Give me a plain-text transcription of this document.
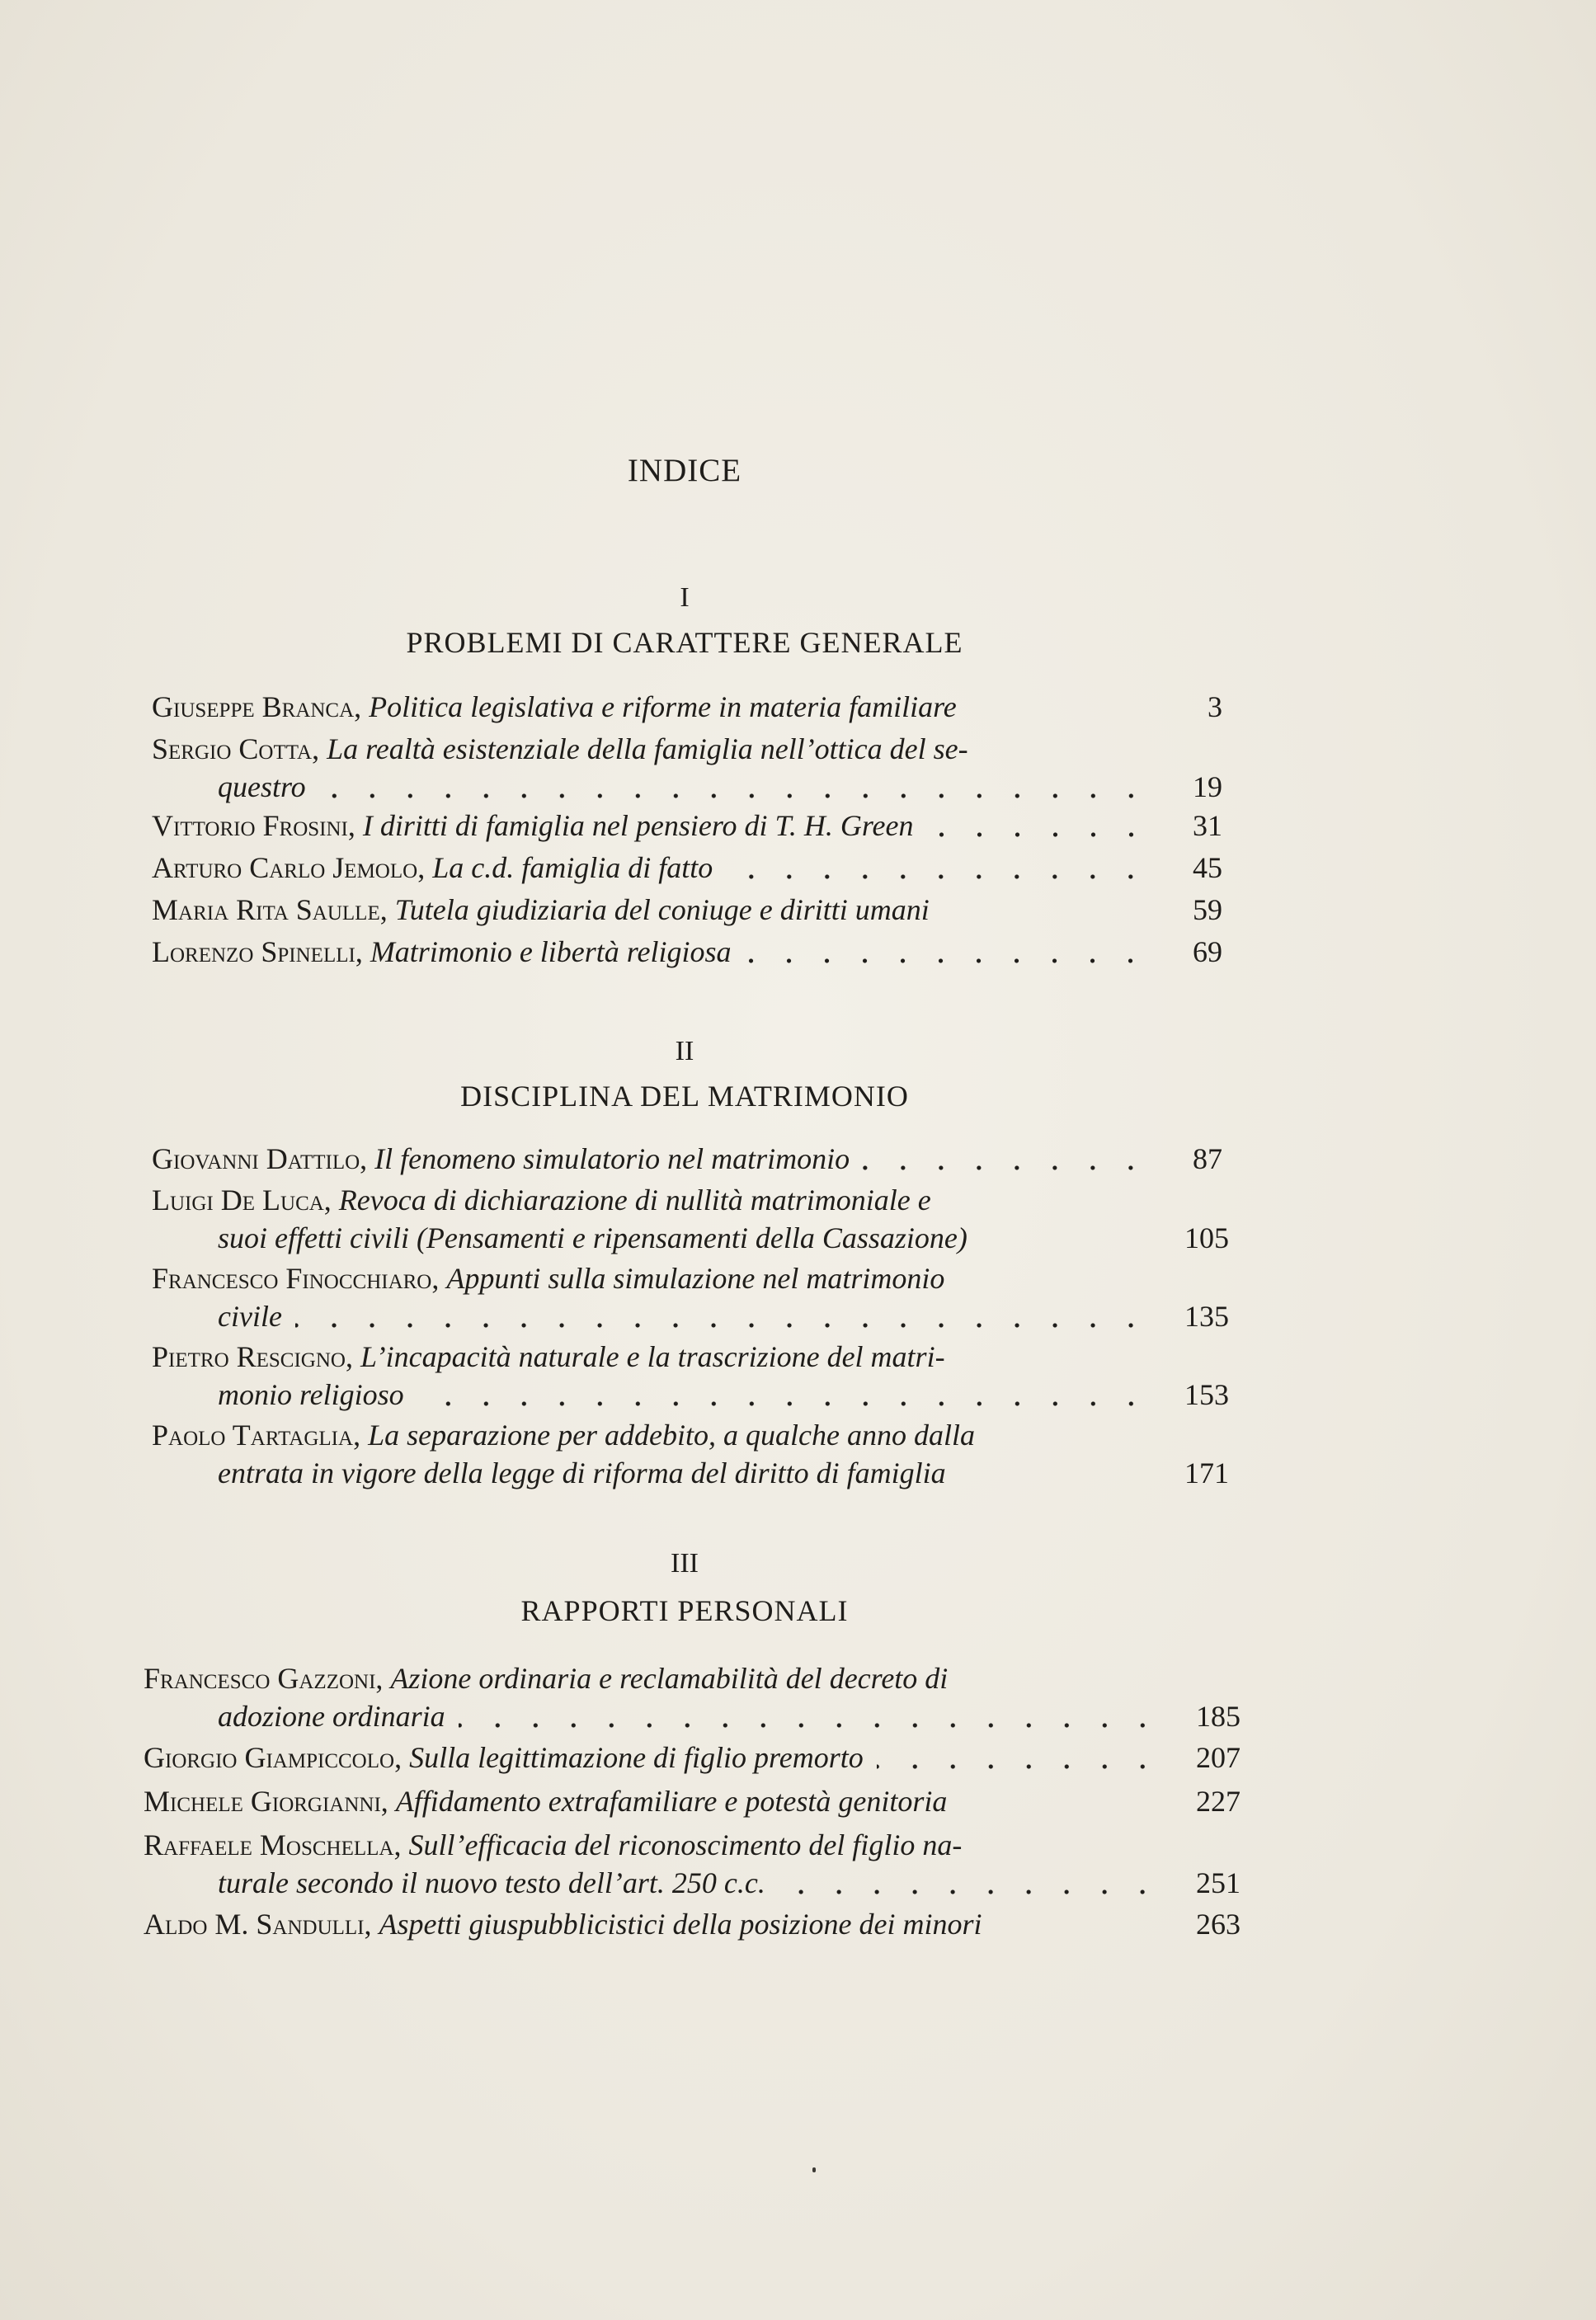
INDICE
I
PROBLEMI DI CARATTERE GENERALE
Giuseppe Branca , Politica legislativa e riforme in materia familiare	3
Sergio Cotta , La realtà esistenziale della famiglia nell’ottica del se-
questro	19
Vittorio Frosini , I diritti di famiglia nel pensiero di T. H. Green	31
Arturo Carlo Jemolo , La c.d. famiglia di fatto	45
Maria Rita Saulle , Tutela giudiziaria del coniuge e diritti umani	59
Lorenzo Spinelli , Matrimonio e libertà religiosa	69
II
DISCIPLINA DEL MATRIMONIO
Giovanni Dattilo , Il fenomeno simulatorio nel matrimonio	87
Luigi De Luca , Revoca di dichiarazione di nullità matrimoniale e
suoi effetti civili (Pensamenti e ripensamenti della Cassazione)	105
Francesco Finocchiaro , Appunti sulla simulazione nel matrimonio
civile	135
Pietro Rescigno , L’incapacità naturale e la trascrizione del matri-
monio religioso	153
Paolo Tartaglia , La separazione per addebito, a qualche anno dalla
entrata in vigore della legge di riforma del diritto di famiglia	171
III
RAPPORTI PERSONALI
Francesco Gazzoni , Azione ordinaria e reclamabilità del decreto di
adozione ordinaria	185
Giorgio Giampiccolo , Sulla legittimazione di figlio premorto	207
Michele Giorgianni , Affidamento extrafamiliare e potestà genitoria	227
Raffaele Moschella , Sull’efficacia del riconoscimento del figlio na-
turale secondo il nuovo testo dell’art. 250 c.c.	251
Aldo M. Sandulli , Aspetti giuspubblicistici della posizione dei minori	263
